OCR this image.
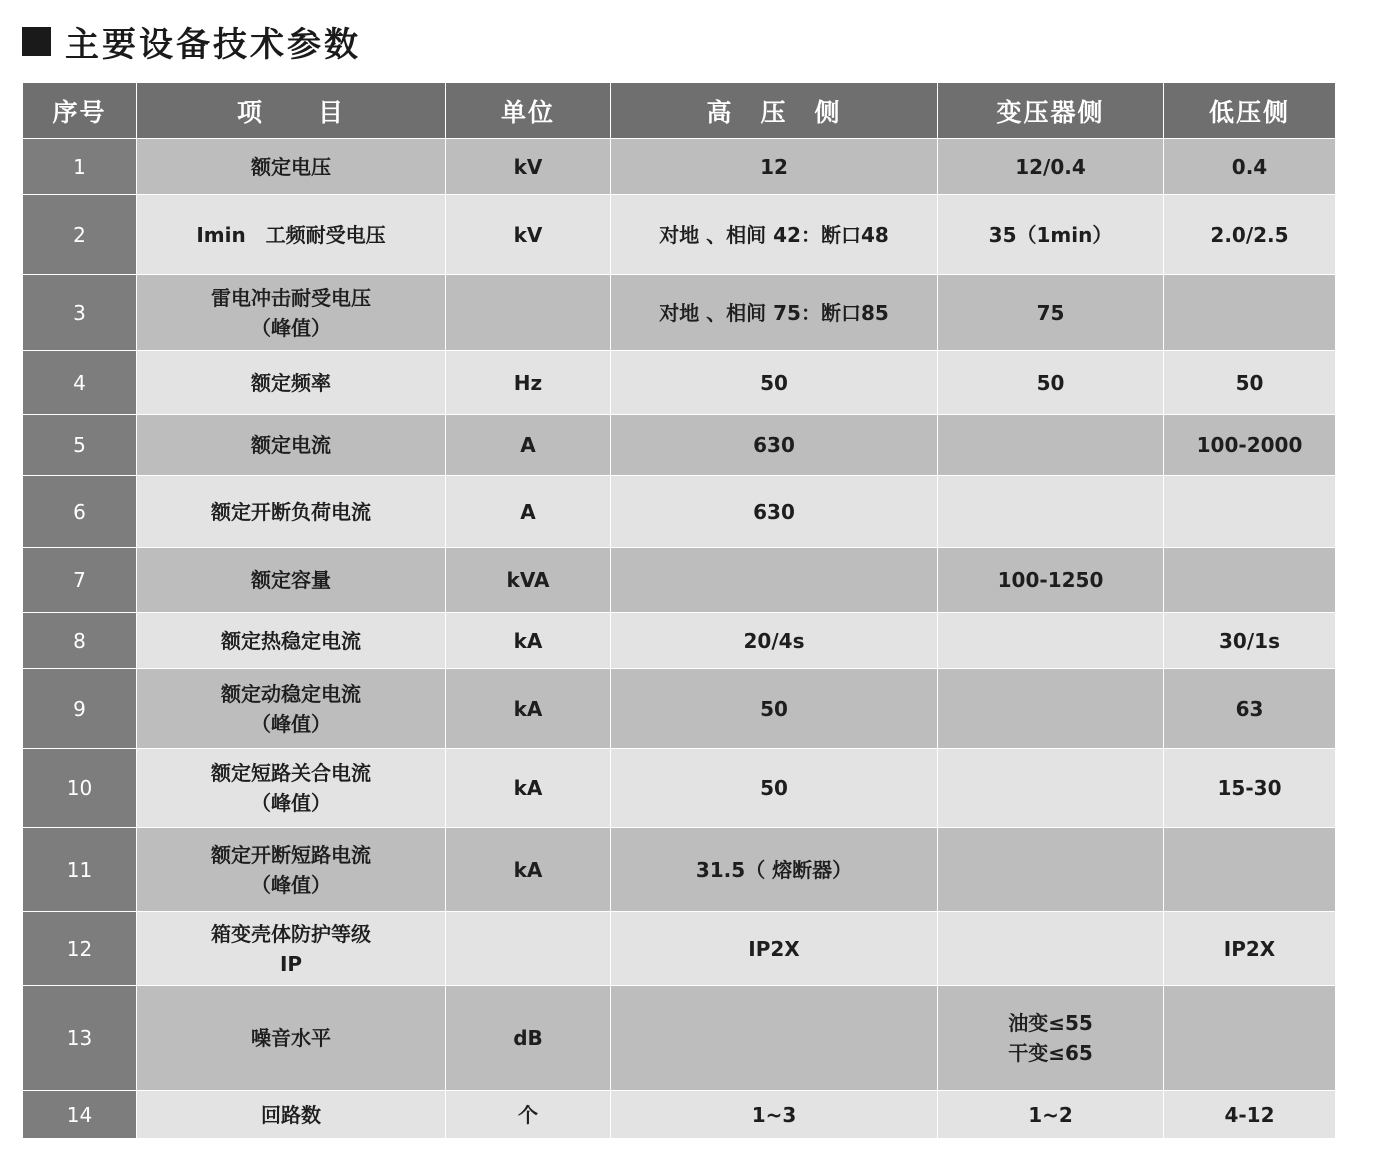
主要设备技术参数
序号	项　　目	单位	高　压　侧	变压器侧	低压侧
1	额定电压	kV	12	12/0.4	0.4
2	Imin　工频耐受电压	kV	对地 、相间 42：断口48	35（1min）	2.0/2.5
3	雷电冲击耐受电压
（峰值）		对地 、相间 75：断口85	75	
4	额定频率	Hz	50	50	50
5	额定电流	A	630		100-2000
6	额定开断负荷电流	A	630		
7	额定容量	kVA		100-1250	
8	额定热稳定电流	kA	20/4s		30/1s
9	额定动稳定电流
（峰值）	kA	50		63
10	额定短路关合电流
（峰值）	kA	50		15-30
11	额定开断短路电流
（峰值）	kA	31.5（ 熔断器）		
12	箱变壳体防护等级
IP		IP2X		IP2X
13	噪音水平	dB		油变≤55
干变≤65	
14	回路数	个	1~3	1~2	4-12
